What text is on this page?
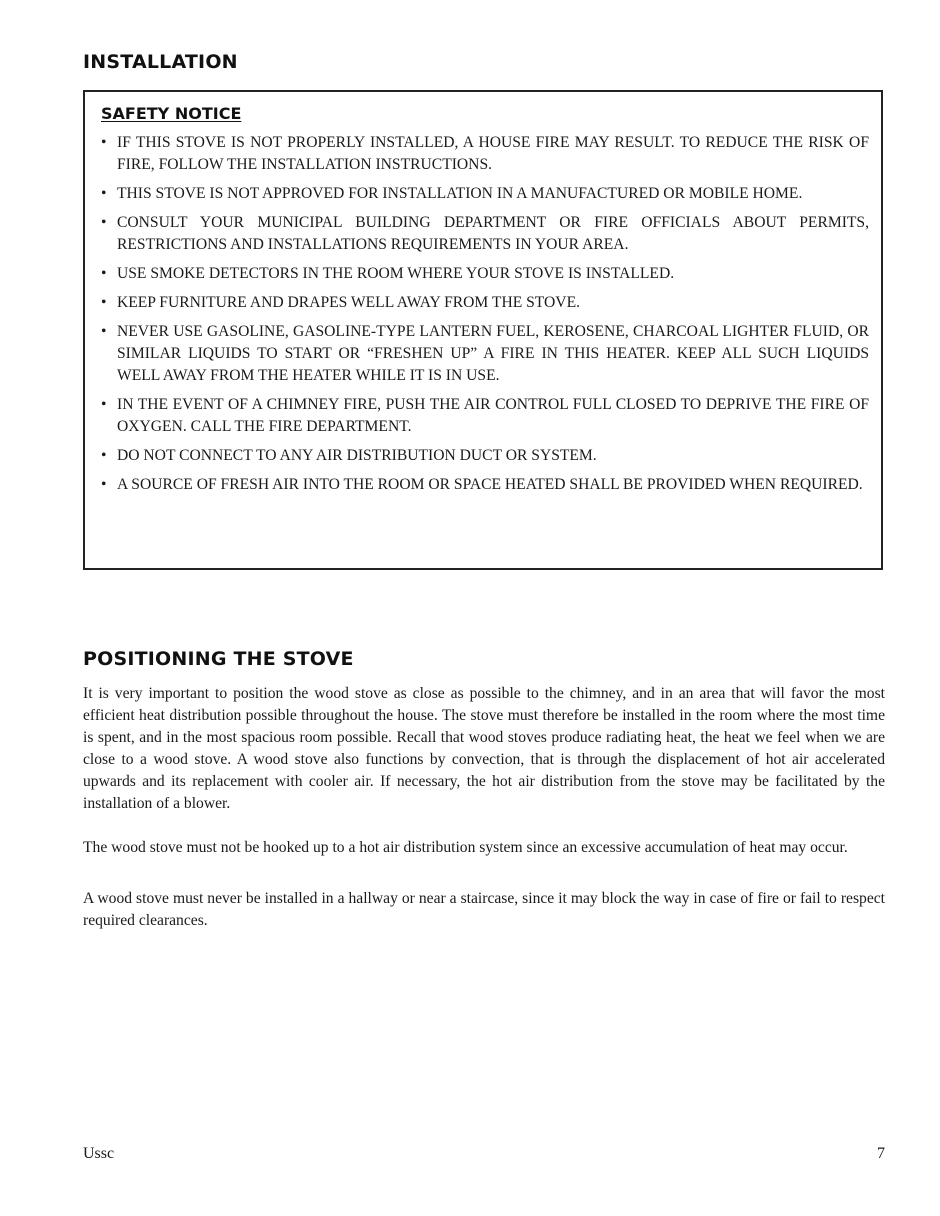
INSTALLATION
SAFETY NOTICE
• IF THIS STOVE IS NOT PROPERLY INSTALLED, A HOUSE FIRE MAY RESULT. TO REDUCE THE RISK OF FIRE, FOLLOW THE INSTALLATION INSTRUCTIONS.
• THIS STOVE IS NOT APPROVED FOR INSTALLATION IN A MANUFACTURED OR MOBILE HOME.
• CONSULT YOUR MUNICIPAL BUILDING DEPARTMENT OR FIRE OFFICIALS ABOUT PERMITS, RESTRICTIONS AND INSTALLATIONS REQUIREMENTS IN YOUR AREA.
• USE SMOKE DETECTORS IN THE ROOM WHERE YOUR STOVE IS INSTALLED.
• KEEP FURNITURE AND DRAPES WELL AWAY FROM THE STOVE.
• NEVER USE GASOLINE, GASOLINE-TYPE LANTERN FUEL, KEROSENE, CHARCOAL LIGHTER FLUID, OR SIMILAR LIQUIDS TO START OR “FRESHEN UP” A FIRE IN THIS HEATER. KEEP ALL SUCH LIQUIDS WELL AWAY FROM THE HEATER WHILE IT IS IN USE.
• IN THE EVENT OF A CHIMNEY FIRE, PUSH THE AIR CONTROL FULL CLOSED TO DEPRIVE THE FIRE OF OXYGEN. CALL THE FIRE DEPARTMENT.
• DO NOT CONNECT TO ANY AIR DISTRIBUTION DUCT OR SYSTEM.
• A SOURCE OF FRESH AIR INTO THE ROOM OR SPACE HEATED SHALL BE PROVIDED WHEN REQUIRED.
POSITIONING THE STOVE

It is very important to position the wood stove as close as possible to the chimney, and in an area that will favor the most efficient heat distribution possible throughout the house. The stove must therefore be installed in the room where the most time is spent, and in the most spacious room possible. Recall that wood stoves produce radiating heat, the heat we feel when we are close to a wood stove. A wood stove also functions by convection, that is through the displacement of hot air accelerated upwards and its replacement with cooler air. If necessary, the hot air distribution from the stove may be facilitated by the installation of a blower.

The wood stove must not be hooked up to a hot air distribution system since an excessive accumulation of heat may occur.

A wood stove must never be installed in a hallway or near a staircase, since it may block the way in case of fire or fail to respect required clearances.

Ussc	7
